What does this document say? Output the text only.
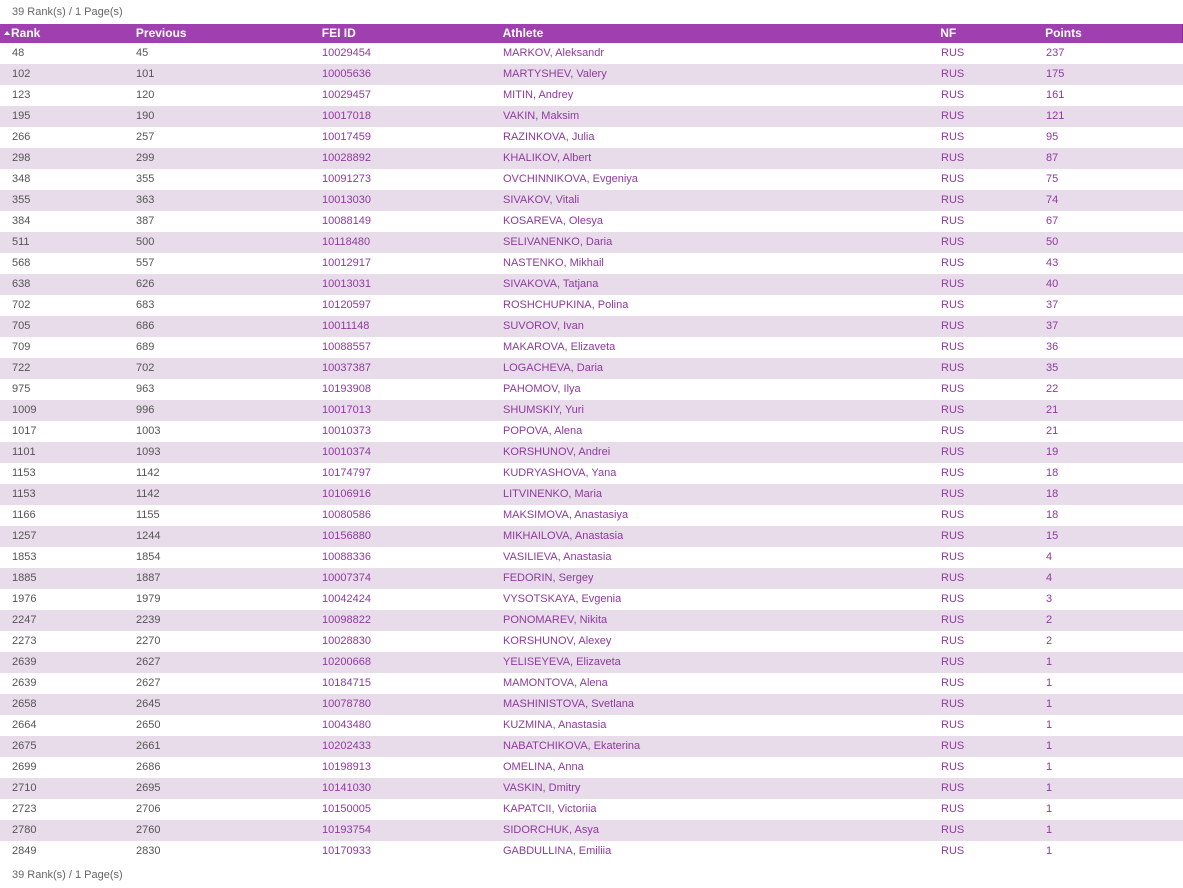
39 Rank(s) / 1 Page(s)
Rank	Previous	FEI ID	Athlete	NF	Points
48	45	10029454	MARKOV, Aleksandr	RUS	237
102	101	10005636	MARTYSHEV, Valery	RUS	175
123	120	10029457	MITIN, Andrey	RUS	161
195	190	10017018	VAKIN, Maksim	RUS	121
266	257	10017459	RAZINKOVA, Julia	RUS	95
298	299	10028892	KHALIKOV, Albert	RUS	87
348	355	10091273	OVCHINNIKOVA, Evgeniya	RUS	75
355	363	10013030	SIVAKOV, Vitali	RUS	74
384	387	10088149	KOSAREVA, Olesya	RUS	67
511	500	10118480	SELIVANENKO, Daria	RUS	50
568	557	10012917	NASTENKO, Mikhail	RUS	43
638	626	10013031	SIVAKOVA, Tatjana	RUS	40
702	683	10120597	ROSHCHUPKINA, Polina	RUS	37
705	686	10011148	SUVOROV, Ivan	RUS	37
709	689	10088557	MAKAROVA, Elizaveta	RUS	36
722	702	10037387	LOGACHEVA, Daria	RUS	35
975	963	10193908	PAHOMOV, Ilya	RUS	22
1009	996	10017013	SHUMSKIY, Yuri	RUS	21
1017	1003	10010373	POPOVA, Alena	RUS	21
1101	1093	10010374	KORSHUNOV, Andrei	RUS	19
1153	1142	10174797	KUDRYASHOVA, Yana	RUS	18
1153	1142	10106916	LITVINENKO, Maria	RUS	18
1166	1155	10080586	MAKSIMOVA, Anastasiya	RUS	18
1257	1244	10156880	MIKHAILOVA, Anastasia	RUS	15
1853	1854	10088336	VASILIEVA, Anastasia	RUS	4
1885	1887	10007374	FEDORIN, Sergey	RUS	4
1976	1979	10042424	VYSOTSKAYA, Evgenia	RUS	3
2247	2239	10098822	PONOMAREV, Nikita	RUS	2
2273	2270	10028830	KORSHUNOV, Alexey	RUS	2
2639	2627	10200668	YELISEYEVA, Elizaveta	RUS	1
2639	2627	10184715	MAMONTOVA, Alena	RUS	1
2658	2645	10078780	MASHINISTOVA, Svetlana	RUS	1
2664	2650	10043480	KUZMINA, Anastasia	RUS	1
2675	2661	10202433	NABATCHIKOVA, Ekaterina	RUS	1
2699	2686	10198913	OMELINA, Anna	RUS	1
2710	2695	10141030	VASKIN, Dmitry	RUS	1
2723	2706	10150005	KAPATCII, Victoriia	RUS	1
2780	2760	10193754	SIDORCHUK, Asya	RUS	1
2849	2830	10170933	GABDULLINA, Emiliia	RUS	1
39 Rank(s) / 1 Page(s)
